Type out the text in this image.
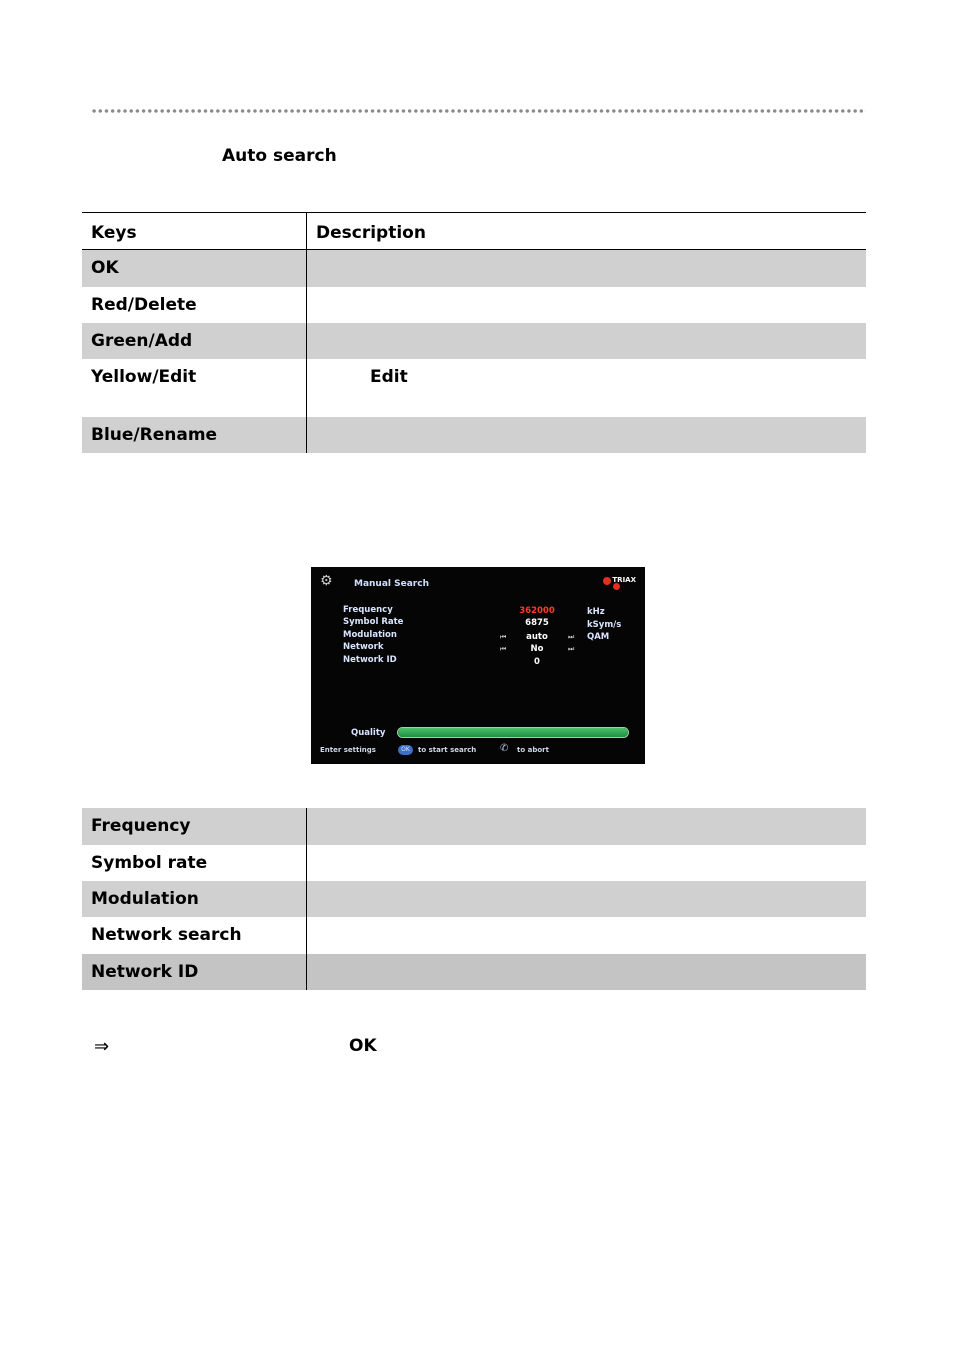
Auto search
Keys	Description
OK
Red/Delete
Green/Add
Yellow/Edit	Edit
Blue/Rename
⚙ Manual Search	TRIAX
Frequency	362000	kHz
Symbol Rate	6875	kSym/s
Modulation	⏮	auto	⏭ QAM
Network	⏮	No	⏭
Network ID	0
Quality
Enter settings	OK	to start search ✆ to abort
Frequency
Symbol rate
Modulation
Network search
Network ID
⇒	OK
